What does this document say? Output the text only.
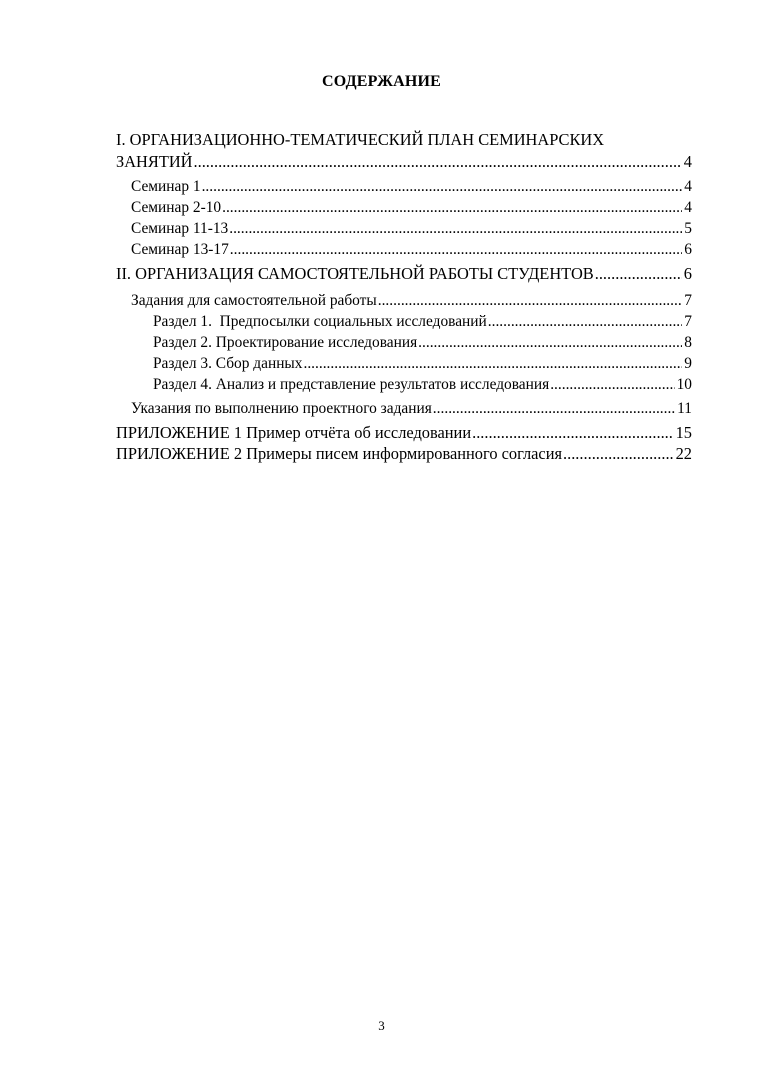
СОДЕРЖАНИЕ
I. ОРГАНИЗАЦИОННО-ТЕМАТИЧЕСКИЙ ПЛАН СЕМИНАРСКИХ
ЗАНЯТИЙ .....	4
Семинар 1 .....	4
Семинар 2-10 .....	4
Семинар 11-13 .....	5
Семинар 13-17 .....	6
II. ОРГАНИЗАЦИЯ САМОСТОЯТЕЛЬНОЙ РАБОТЫ СТУДЕНТОВ .....	6
Задания для самостоятельной работы .....	7
Раздел 1.  Предпосылки социальных исследований .....	7
Раздел 2. Проектирование исследования .....	8
Раздел 3. Сбор данных .....	9
Раздел 4. Анализ и представление результатов исследования .....	10
Указания по выполнению проектного задания .....	11
ПРИЛОЖЕНИЕ 1 Пример отчёта об исследовании .....	15
ПРИЛОЖЕНИЕ 2 Примеры писем информированного согласия .....	22
3
